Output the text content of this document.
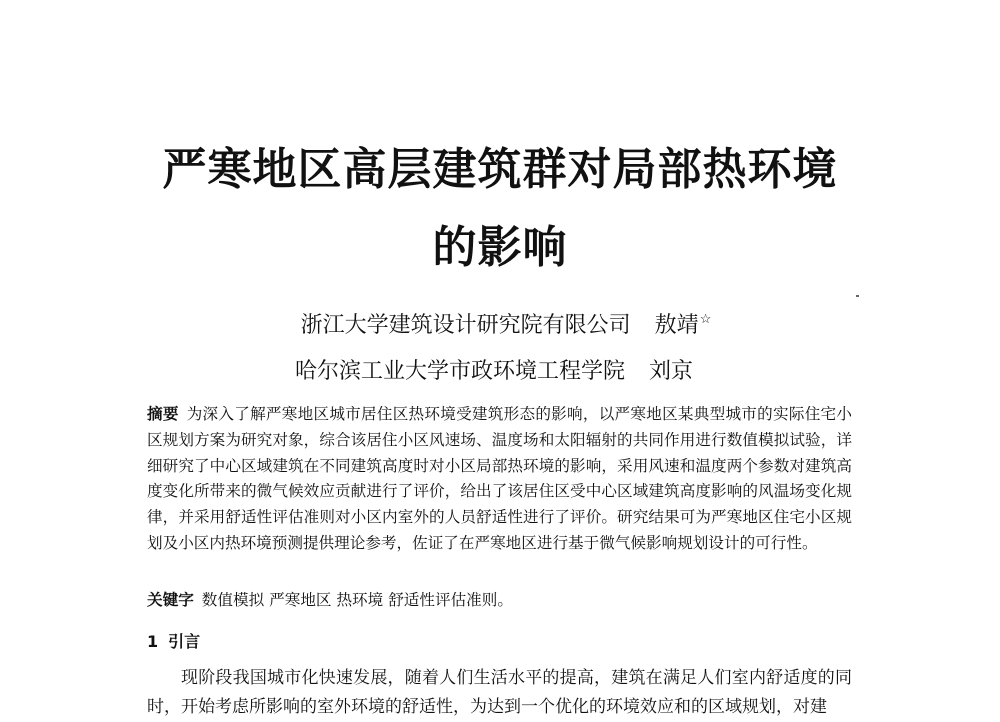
严寒地区高层建筑群对局部热环境
的影响

浙江大学建筑设计研究院有限公司 敖靖☆

哈尔滨工业大学市政环境工程学院 刘京

摘要 为深入了解严寒地区城市居住区热环境受建筑形态的影响，以严寒地区某典型城市的实际住宅小区规划方案为研究对象，综合该居住小区风速场、温度场和太阳辐射的共同作用进行数值模拟试验，详细研究了中心区域建筑在不同建筑高度时对小区局部热环境的影响，采用风速和温度两个参数对建筑高度变化所带来的微气候效应贡献进行了评价，给出了该居住区受中心区域建筑高度影响的风温场变化规律，并采用舒适性评估准则对小区内室外的人员舒适性进行了评价。研究结果可为严寒地区住宅小区规划及小区内热环境预测提供理论参考，佐证了在严寒地区进行基于微气候影响规划设计的可行性。

关键字 数值模拟 严寒地区 热环境 舒适性评估准则。

1 引言

现阶段我国城市化快速发展，随着人们生活水平的提高，建筑在满足人们室内舒适度的同时，开始考虑所影响的室外环境的舒适性，为达到一个优化的环境效应和的区域规划，对建
